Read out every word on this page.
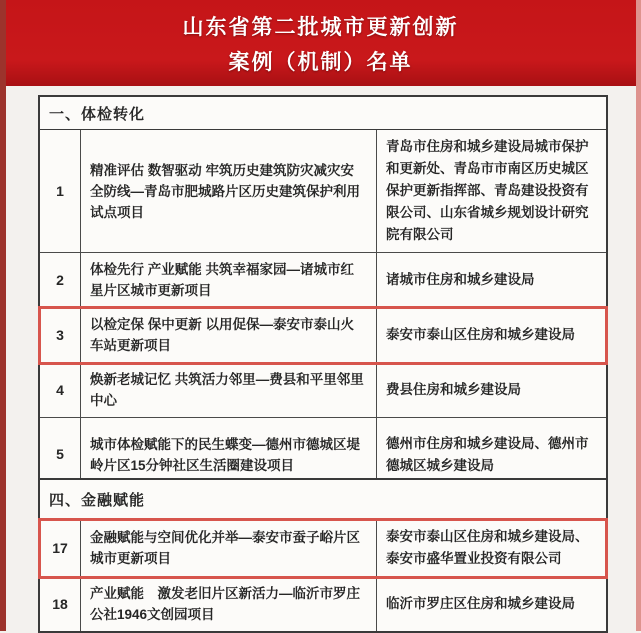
山东省第二批城市更新创新
案例（机制）名单
一、体检转化
1
精准评估 数智驱动 牢筑历史建筑防灾减灾安全防线—青岛市肥城路片区历史建筑保护利用试点项目
青岛市住房和城乡建设局城市保护和更新处、青岛市市南区历史城区保护更新指挥部、青岛建设投资有限公司、山东省城乡规划设计研究院有限公司
2
体检先行 产业赋能 共筑幸福家园—诸城市红星片区城市更新项目
诸城市住房和城乡建设局
3
以检定保 保中更新 以用促保—泰安市泰山火车站更新项目
泰安市泰山区住房和城乡建设局
4
焕新老城记忆 共筑活力邻里—费县和平里邻里中心
费县住房和城乡建设局
5
城市体检赋能下的民生蝶变—德州市德城区堤岭片区15分钟社区生活圈建设项目
德州市住房和城乡建设局、德州市德城区城乡建设局
四、金融赋能
17
金融赋能与空间优化并举—泰安市蚕子峪片区城市更新项目
泰安市泰山区住房和城乡建设局、泰安市盛华置业投资有限公司
18
产业赋能　激发老旧片区新活力—临沂市罗庄公社1946文创园项目
临沂市罗庄区住房和城乡建设局
